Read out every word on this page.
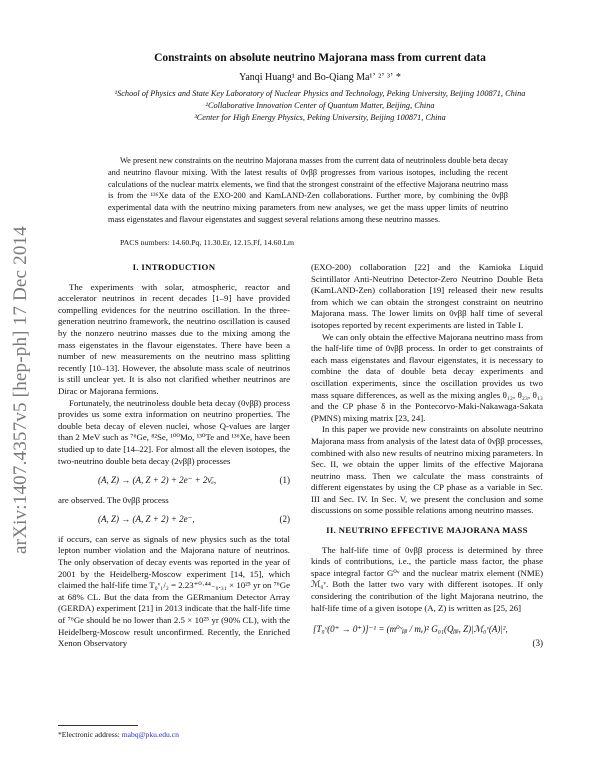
arXiv:1407.4357v5 [hep-ph] 17 Dec 2014
Constraints on absolute neutrino Majorana mass from current data
Yanqi Huang¹ and Bo-Qiang Ma¹ʼ ²ʼ ³ʼ *
¹School of Physics and State Key Laboratory of Nuclear Physics and Technology, Peking University, Beijing 100871, China
²Collaborative Innovation Center of Quantum Matter, Beijing, China
³Center for High Energy Physics, Peking University, Beijing 100871, China
We present new constraints on the neutrino Majorana masses from the current data of neutrinoless double beta decay and neutrino flavour mixing. With the latest results of 0νββ progresses from various isotopes, including the recent calculations of the nuclear matrix elements, we find that the strongest constraint of the effective Majorana neutrino mass is from the ¹³⁶Xe data of the EXO-200 and KamLAND-Zen collaborations. Further more, by combining the 0νββ experimental data with the neutrino mixing parameters from new analyses, we get the mass upper limits of neutrino mass eigenstates and flavour eigenstates and suggest several relations among these neutrino masses.
PACS numbers: 14.60.Pq, 11.30.Er, 12.15.Ff, 14.60.Lm
I. INTRODUCTION

The experiments with solar, atmospheric, reactor and accelerator neutrinos in recent decades [1–9] have provided compelling evidences for the neutrino oscillation. In the three-generation neutrino framework, the neutrino oscillation is caused by the nonzero neutrino masses due to the mixing among the mass eigenstates in the flavour eigenstates. There have been a number of new measurements on the neutrino mass splitting recently [10–13]. However, the absolute mass scale of neutrinos is still unclear yet. It is also not clarified whether neutrinos are Dirac or Majorana fermions.

Fortunately, the neutrinoless double beta decay (0νββ) process provides us some extra information on neutrino properties. The double beta decay of eleven nuclei, whose Q-values are larger than 2 MeV such as ⁷⁶Ge, ⁸²Se, ¹⁰⁰Mo, ¹³⁰Te and ¹³⁶Xe, have been studied up to date [14–22]. For almost all the eleven isotopes, the two-neutrino double beta decay (2νββ) processes

(A, Z) → (A, Z + 2) + 2e⁻ + 2ν̄ₑ,	(1)

are observed. The 0νββ process

(A, Z) → (A, Z + 2) + 2e⁻,	(2)

if occurs, can serve as signals of new physics such as the total lepton number violation and the Majorana nature of neutrinos. The only observation of decay events was reported in the year of 2001 by the Heidelberg-Moscow experiment [14, 15], which claimed the half-life time T₀ᵛ₁/₂ = 2.23⁺⁰·⁴⁴₋₀.₃₁ × 10²⁵ yr on ⁷⁶Ge at 68% CL. But the data from the GERmanium Detector Array (GERDA) experiment [21] in 2013 indicate that the half-life time of ⁷⁶Ge should be no lower than 2.5 × 10²⁵ yr (90% CL), with the Heidelberg-Moscow result unconfirmed. Recently, the Enriched Xenon Observatory

(EXO-200) collaboration [22] and the Kamioka Liquid Scintillator Anti-Neutrino Detector-Zero Neutrino Double Beta (KamLAND-Zen) collaboration [19] released their new results from which we can obtain the strongest constraint on neutrino Majorana mass. The lower limits on 0νββ half time of several isotopes reported by recent experiments are listed in Table I.

We can only obtain the effective Majorana neutrino mass from the half-life time of 0νββ process. In order to get constraints of each mass eigenstates and flavour eigenstates, it is necessary to combine the data of double beta decay experiments and oscillation experiments, since the oscillation provides us two mass square differences, as well as the mixing angles θ₁₂, θ₂₃, θ₁₃ and the CP phase δ in the Pontecorvo-Maki-Nakawaga-Sakata (PMNS) mixing matrix [23, 24].

In this paper we provide new constraints on absolute neutrino Majorana mass from analysis of the latest data of 0νββ processes, combined with also new results of neutrino mixing parameters. In Sec. II, we obtain the upper limits of the effective Majorana neutrino mass. Then we calculate the mass constraints of different eigenstates by using the CP phase as a variable in Sec. III and Sec. IV. In Sec. V, we present the conclusion and some discussions on some possible relations among neutrino masses.

II. NEUTRINO EFFECTIVE MAJORANA MASS

The half-life time of 0νββ process is determined by three kinds of contributions, i.e., the particle mass factor, the phase space integral factor G⁰ᵛ and the nuclear matrix element (NME) ℳ₀ᵛ. Both the latter two vary with different isotopes. If only considering the contribution of the light Majorana neutrino, the half-life time of a given isotope (A, Z) is written as [25, 26]

[T₀ᵛ(0⁺ → 0⁺)]⁻¹ = (m⁰ᵛᵦᵦ / mₑ)² G₀₁(Qᵦᵦ, Z)|ℳ₀ᵛ(A)|²,
(3)
*Electronic address: mabq@pku.edu.cn
